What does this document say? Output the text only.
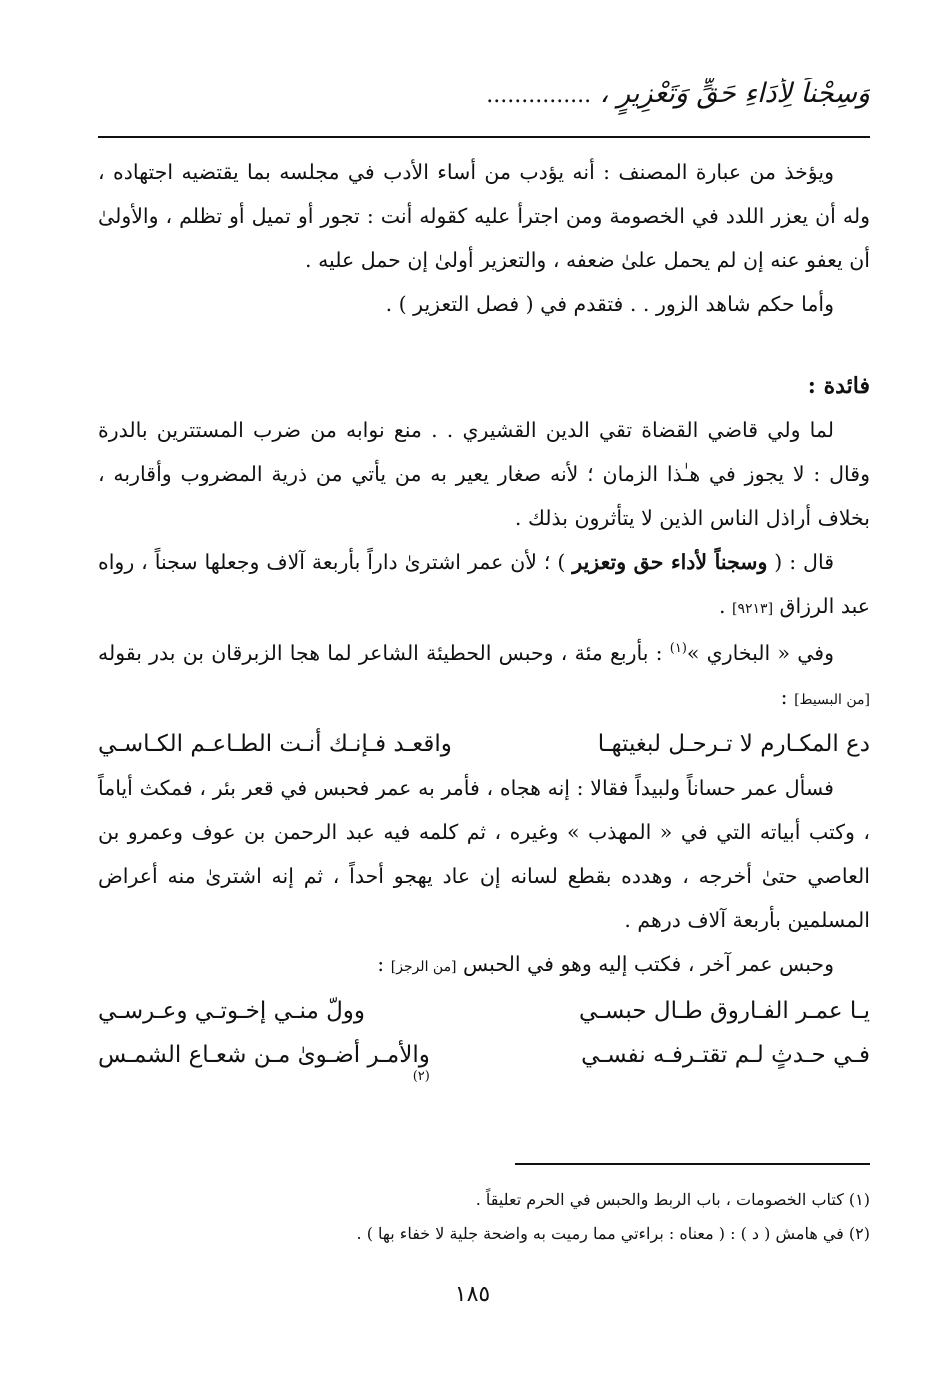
وَسِجْناً لِأَدَاءِ حَقٍّ وَتَعْزِيرٍ ، ...............

ويؤخذ من عبارة المصنف : أنه يؤدب من أساء الأدب في مجلسه بما يقتضيه اجتهاده ، وله أن يعزر اللدد في الخصومة ومن اجترأ عليه كقوله أنت : تجور أو تميل أو تظلم ، والأولىٰ أن يعفو عنه إن لم يحمل علىٰ ضعفه ، والتعزير أولىٰ إن حمل عليه .

وأما حكم شاهد الزور . . فتقدم في ( فصل التعزير ) .

فائدة :

لما ولي قاضي القضاة تقي الدين القشيري . . منع نوابه من ضرب المستترين بالدرة وقال : لا يجوز في هـٰذا الزمان ؛ لأنه صغار يعير به من يأتي من ذرية المضروب وأقاربه ، بخلاف أراذل الناس الذين لا يتأثرون بذلك .

قال : ( وسجناً لأداء حق وتعزير ) ؛ لأن عمر اشترىٰ داراً بأربعة آلاف وجعلها سجناً ، رواه عبد الرزاق [٩٢١٣] .

وفي « البخاري »$^{(١)}$ : بأربع مئة ، وحبس الحطيئة الشاعر لما هجا الزبرقان بن بدر بقوله [من البسيط] :

دع المكـارم لا تـرحـل لبغيتهـا
واقعـد فـإنـك أنـت الطـاعـم الكـاسـي

فسأل عمر حساناً ولبيداً فقالا : إنه هجاه ، فأمر به عمر فحبس في قعر بئر ، فمكث أياماً ، وكتب أبياته التي في « المهذب » وغيره ، ثم كلمه فيه عبد الرحمن بن عوف وعمرو بن العاصي حتىٰ أخرجه ، وهدده بقطع لسانه إن عاد يهجو أحداً ، ثم إنه اشترىٰ منه أعراض المسلمين بأربعة آلاف درهم .

وحبس عمر آخر ، فكتب إليه وهو في الحبس [من الرجز] :

يـا عمـر الفـاروق طـال حبسـي
وولّ منـي إخـوتـي وعـرسـي
فـي حـدثٍ لـم تقتـرفـه نفسـي
والأمـر أضـوىٰ مـن شعـاع الشمـس
(٢)

(١) كتاب الخصومات ، باب الربط والحبس في الحرم تعليقاً .

(٢) في هامش ( د ) : ( معناه : براءتي مما رميت به واضحة جلية لا خفاء بها ) .

١٨٥
